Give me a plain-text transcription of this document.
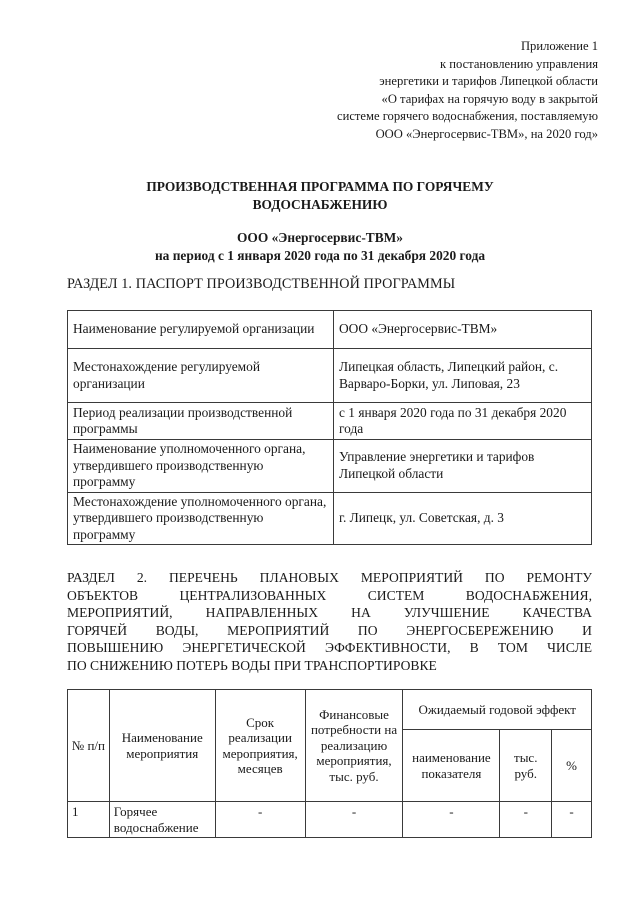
Приложение 1
к постановлению управления
энергетики и тарифов Липецкой области
«О тарифах на горячую воду в закрытой
системе горячего водоснабжения, поставляемую
ООО «Энергосервис-ТВМ», на 2020 год»
ПРОИЗВОДСТВЕННАЯ ПРОГРАММА ПО ГОРЯЧЕМУ
ВОДОСНАБЖЕНИЮ
ООО «Энергосервис-ТВМ»
на период с 1 января 2020 года по 31 декабря 2020 года
РАЗДЕЛ 1. ПАСПОРТ ПРОИЗВОДСТВЕННОЙ ПРОГРАММЫ
Наименование регулируемой организации	ООО «Энергосервис-ТВМ»
Местонахождение регулируемой организации	Липецкая область, Липецкий район, с. Варваро-Борки, ул. Липовая, 23
Период реализации производственной программы	с 1 января 2020 года по 31 декабря 2020 года
Наименование уполномоченного органа, утвердившего производственную программу	Управление энергетики и тарифов Липецкой области
Местонахождение уполномоченного органа, утвердившего производственную программу	г. Липецк, ул. Советская, д. 3
РАЗДЕЛ 2. ПЕРЕЧЕНЬ ПЛАНОВЫХ МЕРОПРИЯТИЙ ПО РЕМОНТУ
ОБЪЕКТОВ ЦЕНТРАЛИЗОВАННЫХ СИСТЕМ ВОДОСНАБЖЕНИЯ,
МЕРОПРИЯТИЙ, НАПРАВЛЕННЫХ НА УЛУЧШЕНИЕ КАЧЕСТВА
ГОРЯЧЕЙ ВОДЫ, МЕРОПРИЯТИЙ ПО ЭНЕРГОСБЕРЕЖЕНИЮ И
ПОВЫШЕНИЮ ЭНЕРГЕТИЧЕСКОЙ ЭФФЕКТИВНОСТИ, В ТОМ ЧИСЛЕ
ПО СНИЖЕНИЮ ПОТЕРЬ ВОДЫ ПРИ ТРАНСПОРТИРОВКЕ
№ п/п	Наименование мероприятия	Срок реализации мероприятия, месяцев	Финансовые потребности на реализацию мероприятия, тыс. руб.	Ожидаемый годовой эффект		
				наименование показателя	тыс. руб.	%
1	Горячее водоснабжение	-	-	-	-	-
